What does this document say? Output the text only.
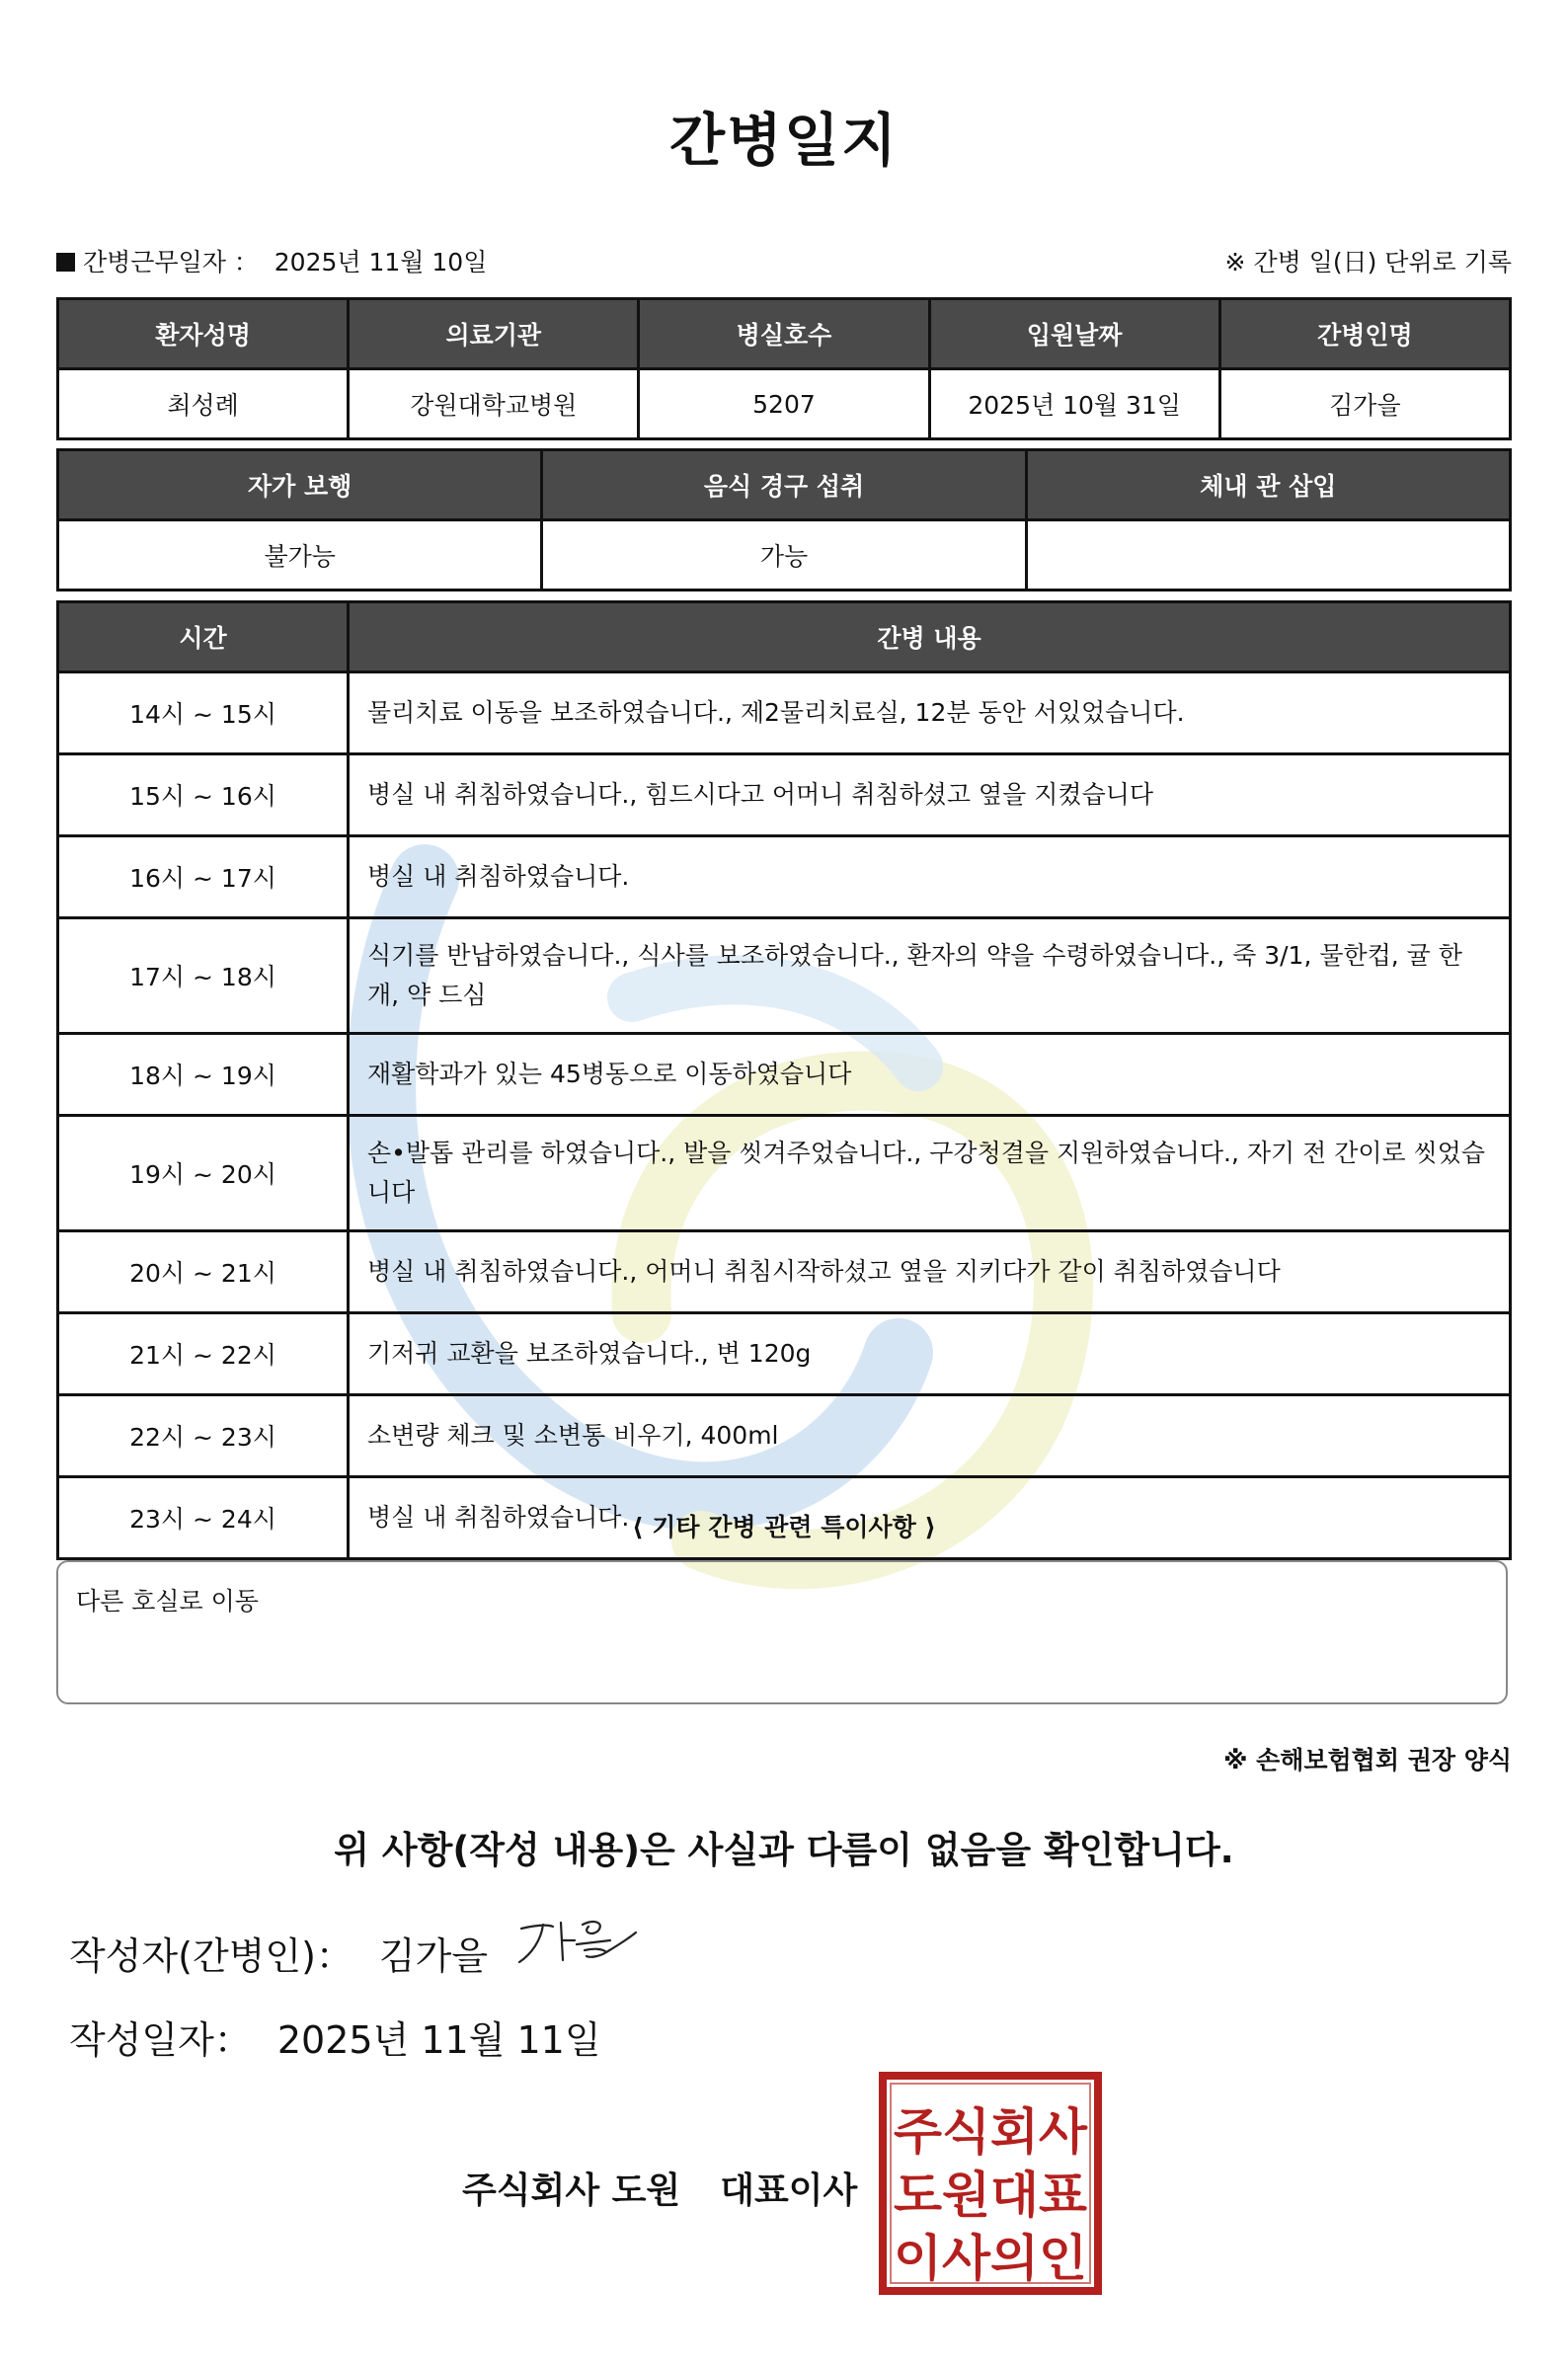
간병일지
간병근무일자 ： 2025년 11월 10일	※ 간병 일(日) 단위로 기록
환자성명	의료기관	병실호수	입원날짜	간병인명
최성례	강원대학교병원	5207	2025년 10월 31일	김가을
자가 보행	음식 경구 섭취	체내 관 삽입
불가능	가능	
시간	간병 내용
14시 ~ 15시	물리치료 이동을 보조하였습니다., 제2물리치료실, 12분 동안 서있었습니다.
15시 ~ 16시	병실 내 취침하였습니다., 힘드시다고 어머니 취침하셨고 옆을 지켰습니다
16시 ~ 17시	병실 내 취침하였습니다.
17시 ~ 18시	식기를 반납하였습니다., 식사를 보조하였습니다., 환자의 약을 수령하였습니다., 죽 3/1, 물한컵, 귤 한개, 약 드심
18시 ~ 19시	재활학과가 있는 45병동으로 이동하였습니다
19시 ~ 20시	손•발톱 관리를 하였습니다., 발을 씻겨주었습니다., 구강청결을 지원하였습니다., 자기 전 간이로 씻었습니다
20시 ~ 21시	병실 내 취침하였습니다., 어머니 취침시작하셨고 옆을 지키다가 같이 취침하였습니다
21시 ~ 22시	기저귀 교환을 보조하였습니다., 변 120g
22시 ~ 23시	소변량 체크 및 소변통 비우기, 400ml
23시 ~ 24시	병실 내 취침하였습니다. ⟨ 기타 간병 관련 특이사항 ⟩
다른 호실로 이동
※ 손해보험협회 권장 양식
위 사항(작성 내용)은 사실과 다름이 없음을 확인합니다.
작성자(간병인)： 김가을
작성일자： 2025년 11월 11일
주식회사 도원 대표이사
주식회사
도원대표
이사의인
